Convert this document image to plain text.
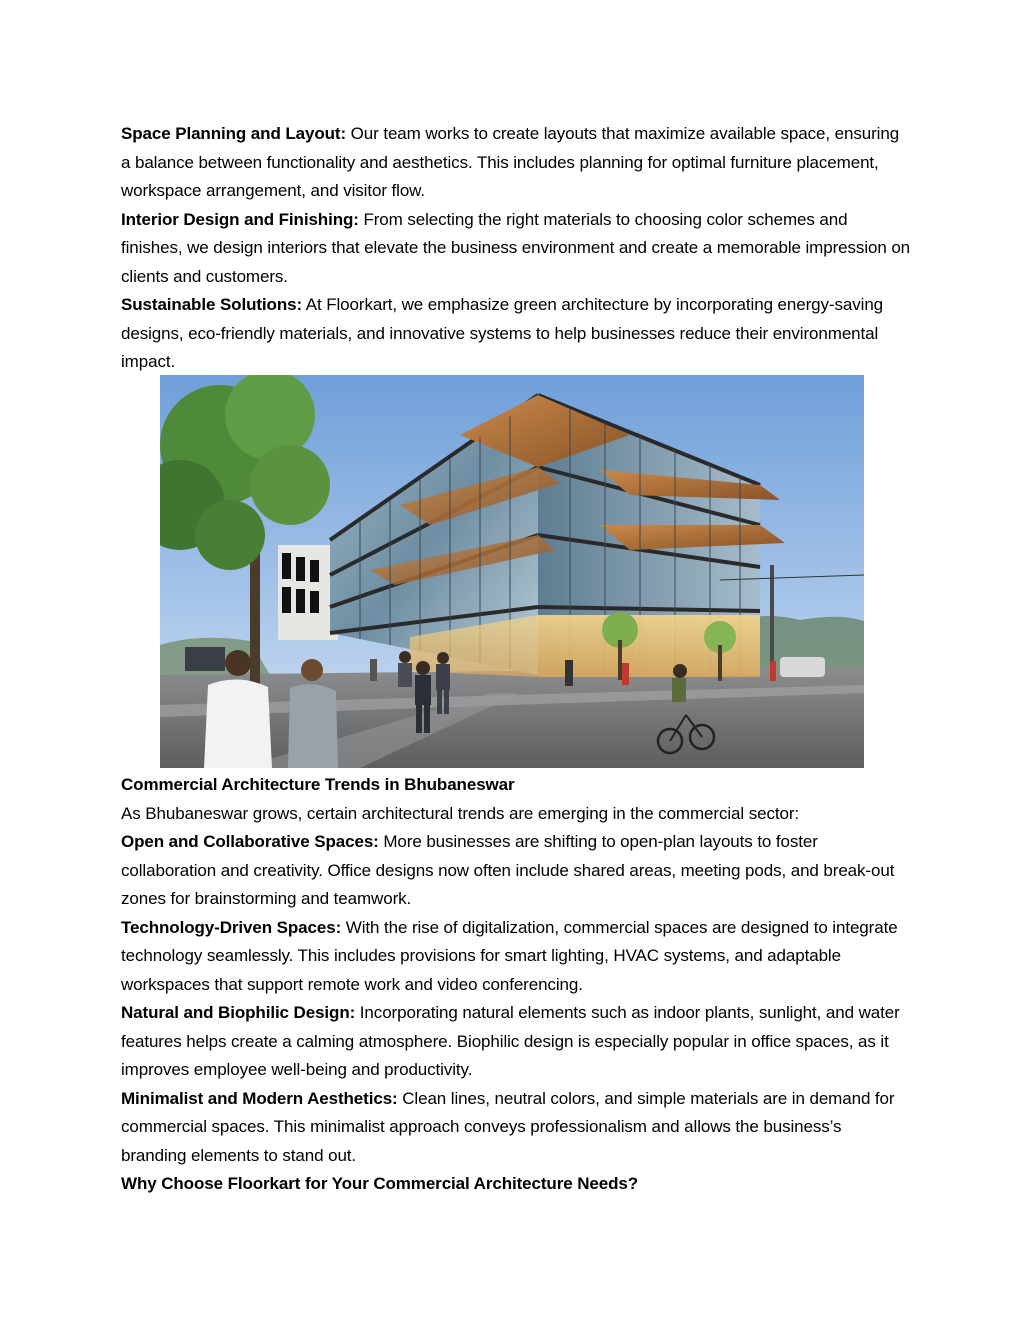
Space Planning and Layout: Our team works to create layouts that maximize available space, ensuring a balance between functionality and aesthetics. This includes planning for optimal furniture placement, workspace arrangement, and visitor flow.

Interior Design and Finishing: From selecting the right materials to choosing color schemes and finishes, we design interiors that elevate the business environment and create a memorable impression on clients and customers.

Sustainable Solutions: At Floorkart, we emphasize green architecture by incorporating energy-saving designs, eco-friendly materials, and innovative systems to help businesses reduce their environmental impact.

Commercial Architecture Trends in Bhubaneswar

As Bhubaneswar grows, certain architectural trends are emerging in the commercial sector:

Open and Collaborative Spaces: More businesses are shifting to open-plan layouts to foster collaboration and creativity. Office designs now often include shared areas, meeting pods, and break-out zones for brainstorming and teamwork.

Technology-Driven Spaces: With the rise of digitalization, commercial spaces are designed to integrate technology seamlessly. This includes provisions for smart lighting, HVAC systems, and adaptable workspaces that support remote work and video conferencing.

Natural and Biophilic Design: Incorporating natural elements such as indoor plants, sunlight, and water features helps create a calming atmosphere. Biophilic design is especially popular in office spaces, as it improves employee well-being and productivity.

Minimalist and Modern Aesthetics: Clean lines, neutral colors, and simple materials are in demand for commercial spaces. This minimalist approach conveys professionalism and allows the business’s branding elements to stand out.

Why Choose Floorkart for Your Commercial Architecture Needs?
